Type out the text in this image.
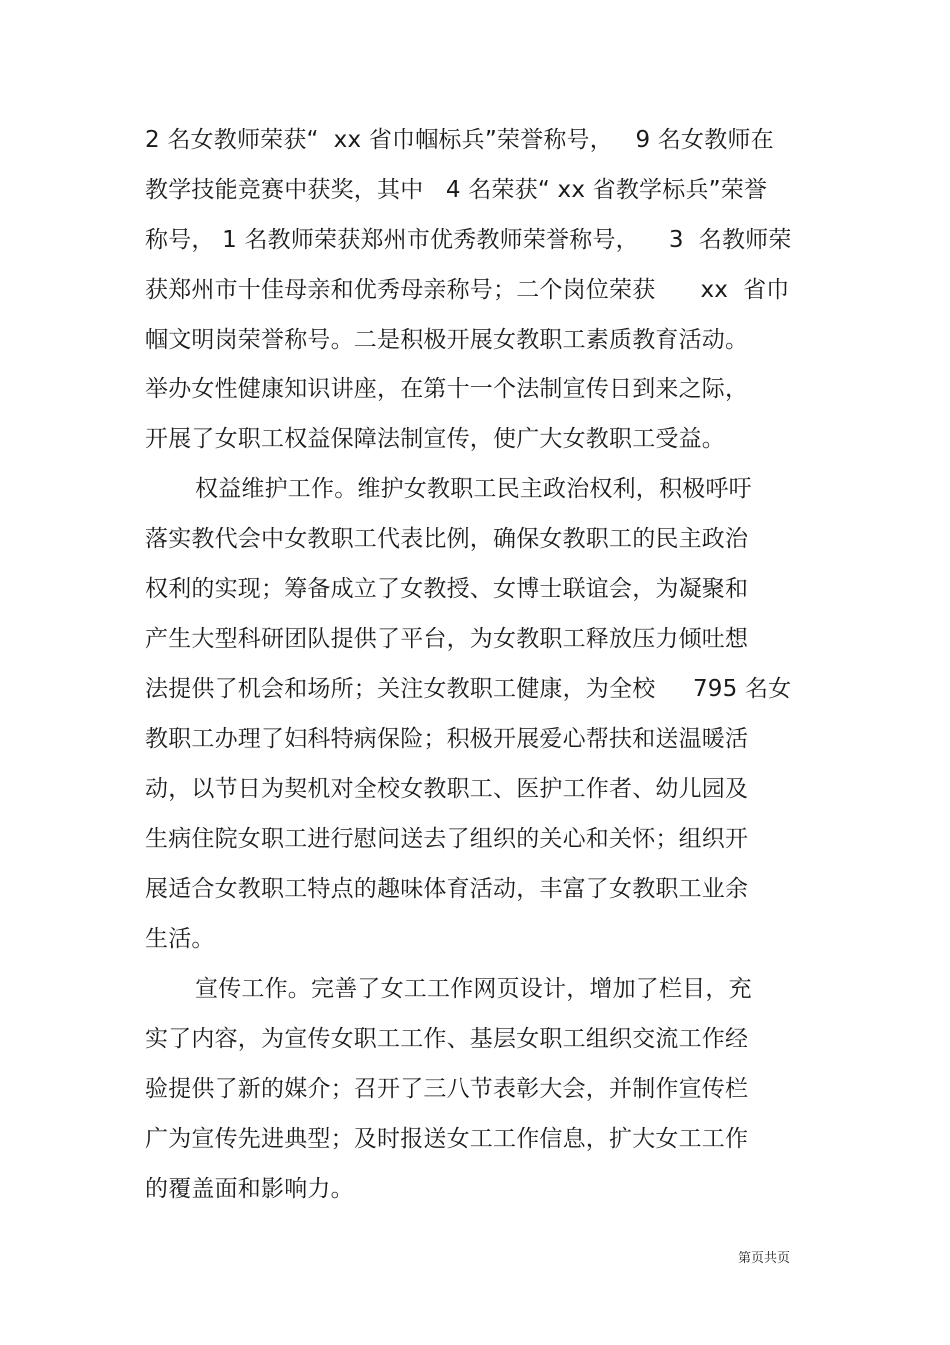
2 名女教师荣获“  xx 省巾帼标兵”荣誉称号，   9 名女教师在
教学技能竞赛中获奖，其中   4 名荣获“ xx 省教学标兵”荣誉
称号， 1 名教师荣获郑州市优秀教师荣誉称号，    3  名教师荣
获郑州市十佳母亲和优秀母亲称号；二个岗位荣获      xx  省巾
帼文明岗荣誉称号。二是积极开展女教职工素质教育活动。
举办女性健康知识讲座，在第十一个法制宣传日到来之际，
开展了女职工权益保障法制宣传，使广大女教职工受益。
权益维护工作。维护女教职工民主政治权利，积极呼吁
落实教代会中女教职工代表比例，确保女教职工的民主政治
权利的实现；筹备成立了女教授、女博士联谊会，为凝聚和
产生大型科研团队提供了平台，为女教职工释放压力倾吐想
法提供了机会和场所；关注女教职工健康，为全校     795 名女
教职工办理了妇科特病保险；积极开展爱心帮扶和送温暖活
动，以节日为契机对全校女教职工、医护工作者、幼儿园及
生病住院女职工进行慰问送去了组织的关心和关怀；组织开
展适合女教职工特点的趣味体育活动，丰富了女教职工业余
生活。
宣传工作。完善了女工工作网页设计，增加了栏目，充
实了内容，为宣传女职工工作、基层女职工组织交流工作经
验提供了新的媒介；召开了三八节表彰大会，并制作宣传栏
广为宣传先进典型；及时报送女工工作信息，扩大女工工作
的覆盖面和影响力。
第页共页
